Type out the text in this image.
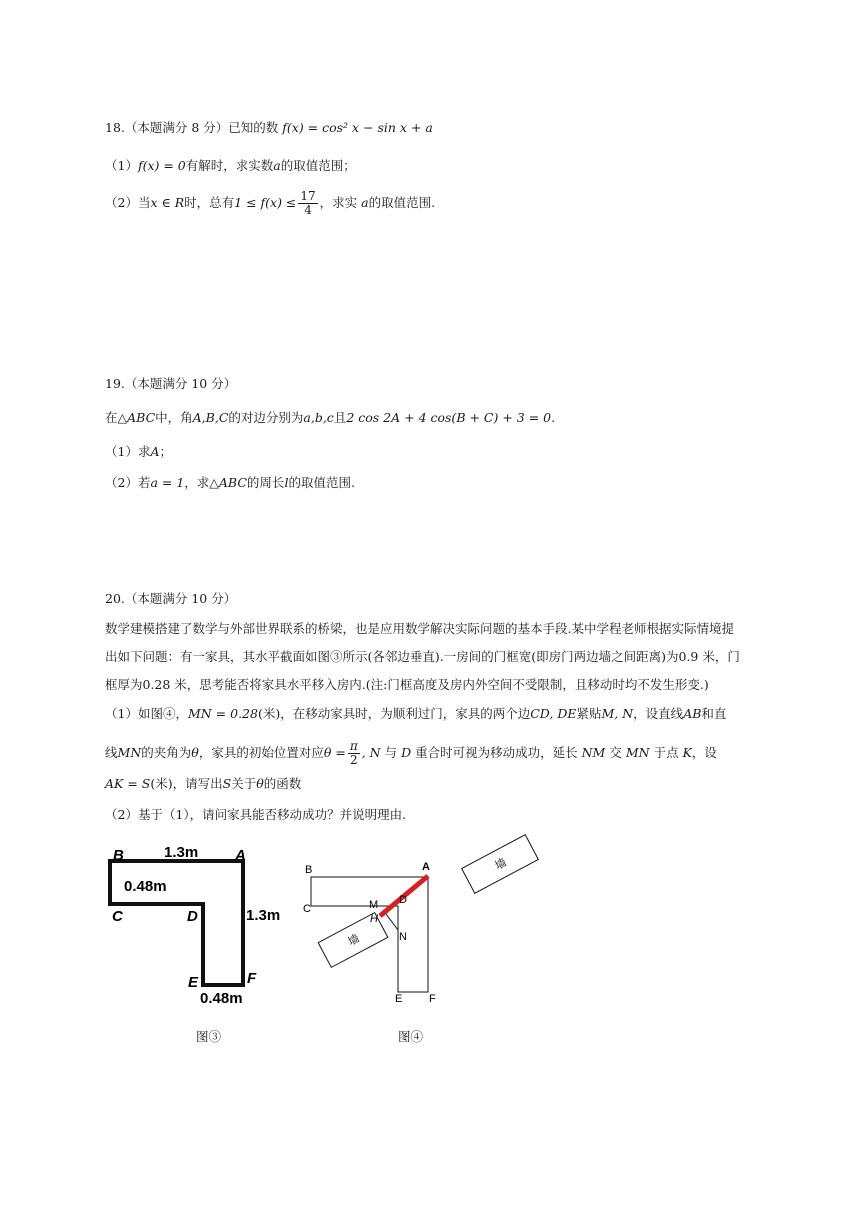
18.（本题满分 8 分）已知的数 f(x) = cos² x − sin x + a
（1）f(x) = 0有解时，求实数a的取值范围；
（2）当x ∈ R时，总有$1 \le f(x) \le \frac{17}{4}$ ，求实 a的取值范围.
19.（本题满分 10 分）
在△ABC中，角A,B,C的对边分别为a,b,c且2 cos 2A + 4 cos(B + C) + 3 = 0.
（1）求A；
（2）若a = 1，求△ABC的周长l的取值范围.
20.（本题满分 10 分）
数学建模搭建了数学与外部世界联系的桥梁，也是应用数学解决实际问题的基本手段.某中学程老师根据实际情境提
出如下问题：有一家具，其水平截面如图③所示(各邻边垂直).一房间的门框宽(即房门两边墙之间距离)为0.9 米，门
框厚为0.28 米，思考能否将家具水平移入房内.(注:门框高度及房内外空间不受限制，且移动时均不发生形变.)
（1）如图④，MN = 0.28(米)，在移动家具时，为顺利过门，家具的两个边CD, DE紧贴M, N，设直线AB和直
线MN的夹角为θ，家具的初始位置对应$\theta = \frac{\pi}{2}$ , N 与 D 重合时可视为移动成功，延长 NM 交 MN 于点 K，设
AK = S(米)，请写出S关于θ的函数
（2）基于（1），请问家具能否移动成功？并说明理由.
B	1.3m A
0.48m
C	D	1.3m
E	F
0.48m
图③
墙
墙
B	A
C	M D
H
N
E F
图④
